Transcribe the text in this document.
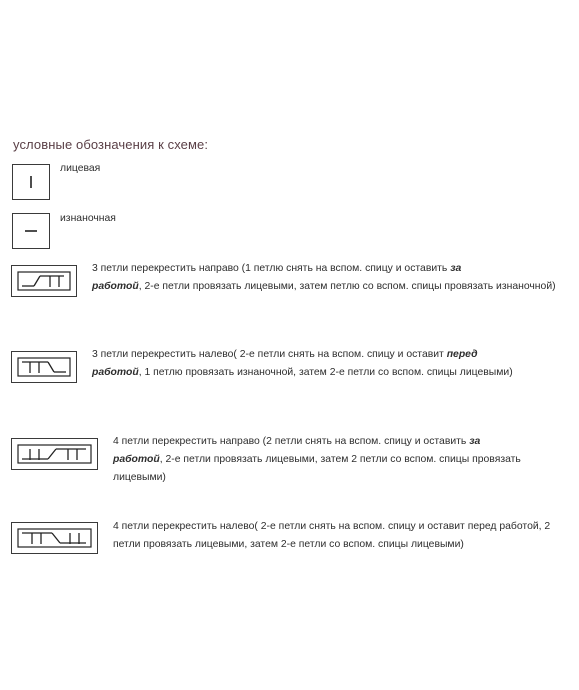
условные обозначения к схеме:
лицевая
изнаночная
3 петли перекрестить направо (1 петлю снять на вспом. спицу и оставить за
работой, 2-е петли провязать лицевыми, затем петлю со вспом. спицы провязать изнаночной)
3 петли перекрестить налево( 2-е петли снять на вспом. спицу и оставит перед
работой, 1 петлю провязать изнаночной, затем 2-е петли со вспом. спицы лицевыми)
4 петли перекрестить направо (2 петли снять на вспом. спицу и оставить за
работой, 2-е петли провязать лицевыми, затем 2 петли со вспом. спицы провязать лицевыми)
4 петли перекрестить налево( 2-е петли снять на вспом. спицу и оставит перед работой, 2 петли провязать лицевыми, затем 2-е петли со вспом. спицы лицевыми)
